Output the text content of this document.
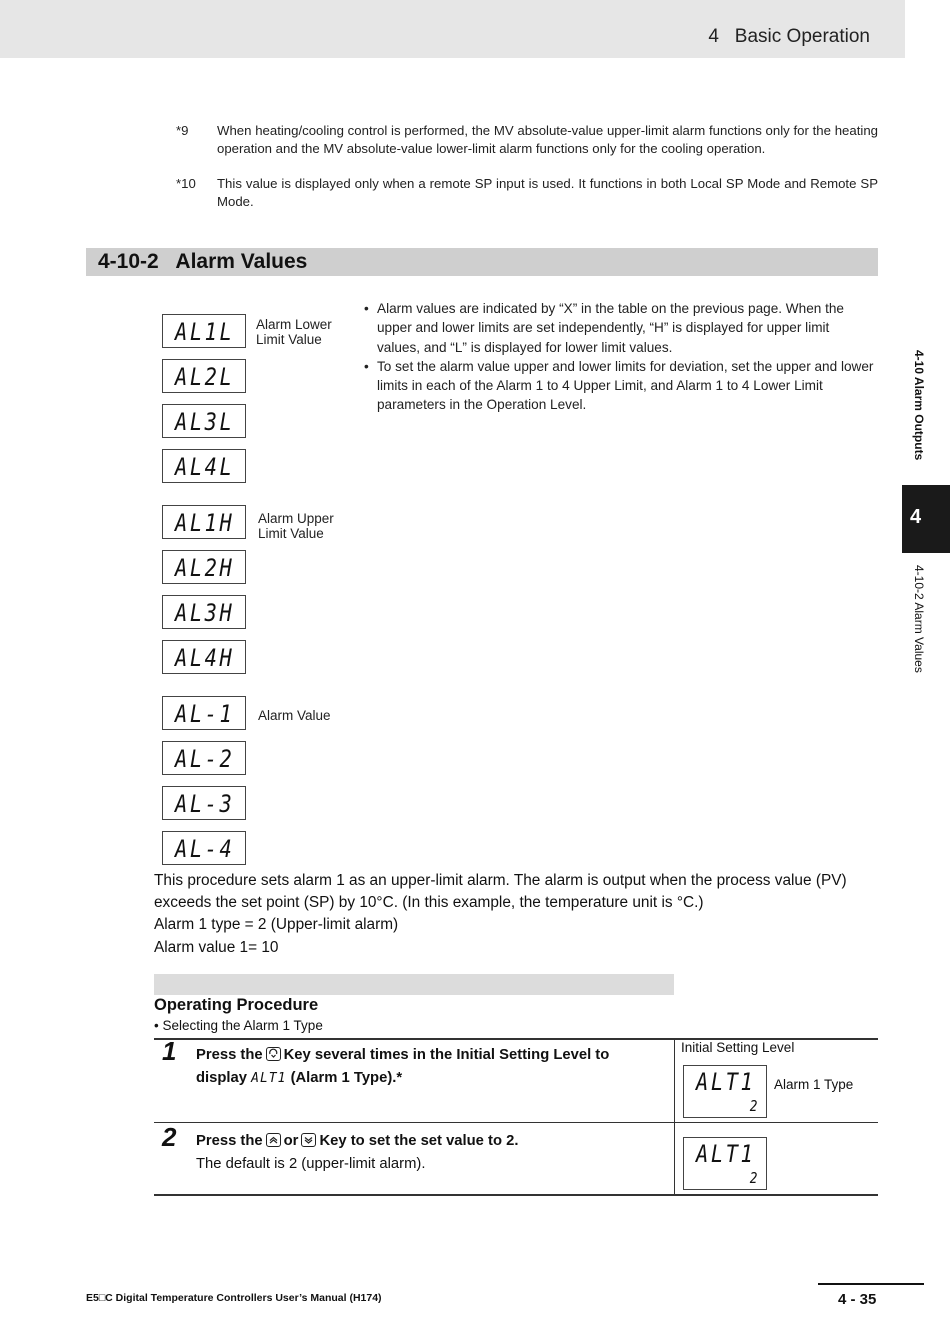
4   Basic Operation
*9	When heating/cooling control is performed, the MV absolute-value upper-limit alarm functions only for the heating operation and the MV absolute-value lower-limit alarm functions only for the cooling operation.
*10	This value is displayed only when a remote SP input is used. It functions in both Local SP Mode and Remote SP Mode.
4-10-2   Alarm Values
AL1L
AL2L
AL3L
AL4L
AL1H
AL2H
AL3H
AL4H
AL-1
AL-2
AL-3
AL-4
Alarm Lower
Limit Value
Alarm Upper
Limit Value
Alarm Value
• Alarm values are indicated by “X” in the table on the previous page. When the upper and lower limits are set independently, “H” is displayed for upper limit values, and “L” is displayed for lower limit values.
• To set the alarm value upper and lower limits for deviation, set the upper and lower limits in each of the Alarm 1 to 4 Upper Limit, and Alarm 1 to 4 Lower Limit parameters in the Operation Level.	4-10 Alarm Outputs
4
4-10-2 Alarm Values
This procedure sets alarm 1 as an upper-limit alarm. The alarm is output when the process value (PV)
exceeds the set point (SP) by 10°C. (In this example, the temperature unit is °C.)
Alarm 1 type = 2 (Upper-limit alarm)
Alarm value 1= 10
Operating Procedure
• Selecting the Alarm 1 Type
Initial Setting Level
1 Press the Key several times in the Initial Setting Level to
display ALT1 (Alarm 1 Type).*	ALT1
2
Alarm 1 Type
2 Press the or Key to set the set value to 2.
The default is 2 (upper-limit alarm).	ALT1
2
E5□C Digital Temperature Controllers User’s Manual (H174)	4 - 35
